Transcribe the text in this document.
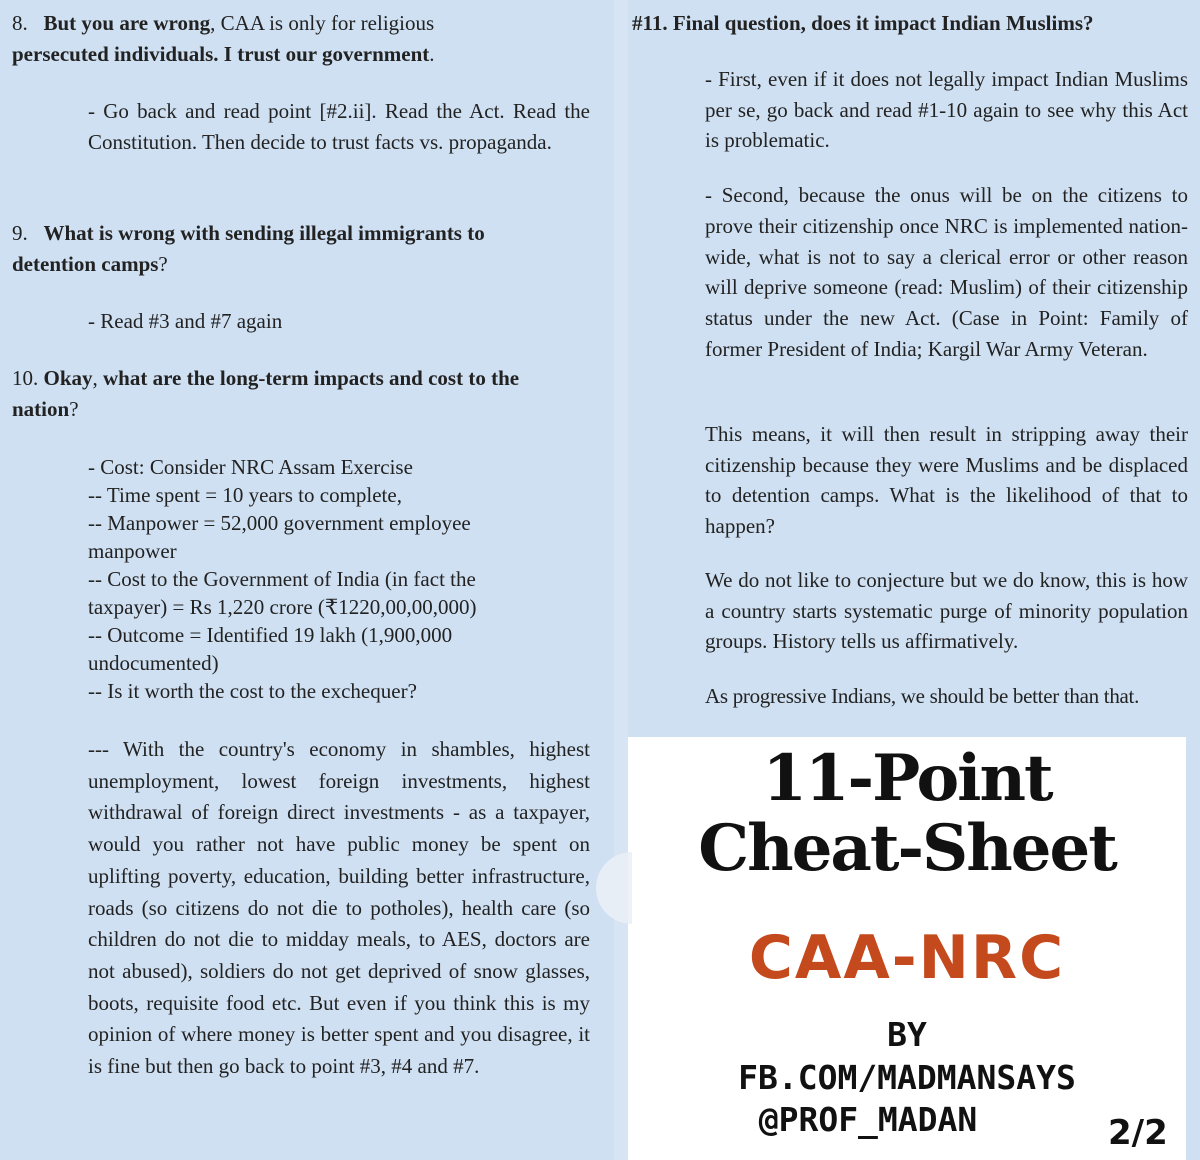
8. But you are wrong, CAA is only for religious
persecuted individuals. I trust our government.
- Go back and read point [#2.ii]. Read the Act. Read the Constitution. Then decide to trust facts vs. propaganda.
9. What is wrong with sending illegal immigrants to
detention camps?
- Read #3 and #7 again
10. Okay, what are the long-term impacts and cost to the
nation?
- Cost: Consider NRC Assam Exercise
-- Time spent = 10 years to complete,
-- Manpower = 52,000 government employee
manpower
-- Cost to the Government of India (in fact the
taxpayer) = Rs 1,220 crore (₹1220,00,00,000)
-- Outcome = Identified 19 lakh (1,900,000
undocumented)
-- Is it worth the cost to the exchequer?
--- With the country's economy in shambles, highest unemployment, lowest foreign investments, highest withdrawal of foreign direct investments - as a taxpayer, would you rather not have public money be spent on uplifting poverty, education, building better infrastructure, roads (so citizens do not die to potholes), health care (so children do not die to midday meals, to AES, doctors are not abused), soldiers do not get deprived of snow glasses, boots, requisite food etc. But even if you think this is my opinion of where money is better spent and you disagree, it is fine but then go back to point #3, #4 and #7.
#11. Final question, does it impact Indian Muslims?
- First, even if it does not legally impact Indian Muslims per se, go back and read #1-10 again to see why this Act is problematic.
- Second, because the onus will be on the citizens to prove their citizenship once NRC is implemented nation-wide, what is not to say a clerical error or other reason will deprive someone (read: Muslim) of their citizenship status under the new Act. (Case in Point: Family of former President of India; Kargil War Army Veteran.
This means, it will then result in stripping away their citizenship because they were Muslims and be displaced to detention camps. What is the likelihood of that to happen?
We do not like to conjecture but we do know, this is how a country starts systematic purge of minority population groups. History tells us affirmatively.
As progressive Indians, we should be better than that.
11-Point
Cheat-Sheet
CAA-NRC
BY
FB.COM/MADMANSAYS
@PROF_MADAN	2/2
